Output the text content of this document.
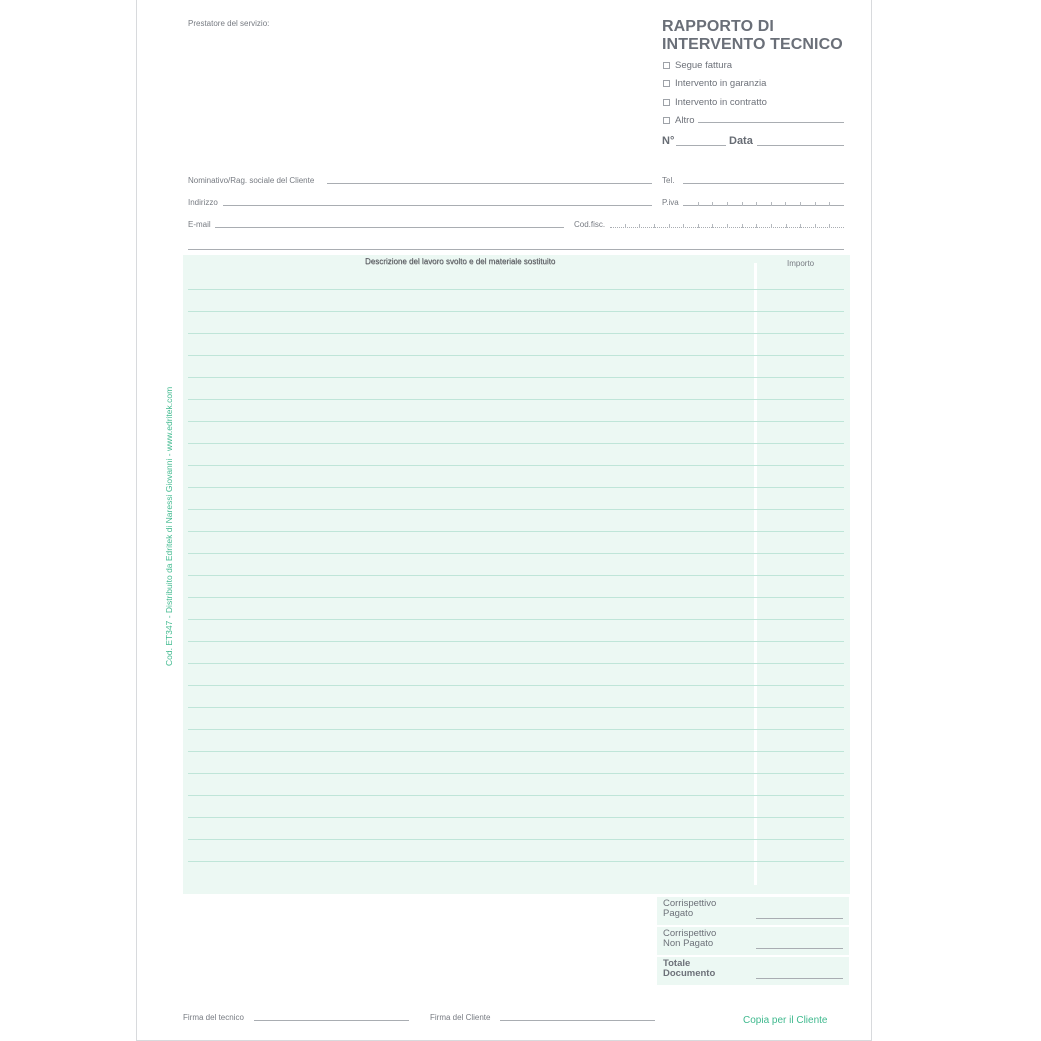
Prestatore del servizio:	RAPPORTO DI
INTERVENTO TECNICO
Segue fattura
Intervento in garanzia
Intervento in contratto
Altro
N°	Data
Nominativo/Rag. sociale del Cliente	Tel.
Indirizzo	P.iva
E-mail	Cod.fisc.
Descrizione del lavoro svolto e del materiale sostituito	Importo
Corrispettivo
Pagato
Corrispettivo
Non Pagato
Totale
Documento
Firma del tecnico	Firma del Cliente	Copia per il Cliente
Cod. ET347 - Distribuito da Edritek di Naressi Giovanni - www.edritek.com
